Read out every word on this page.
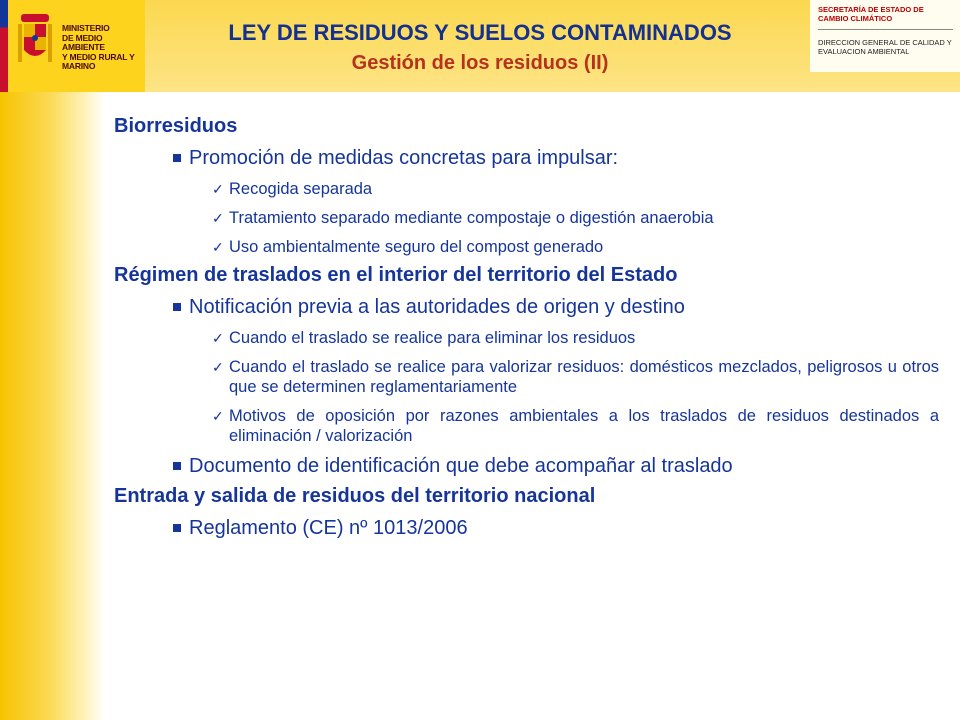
MINISTERIO
DE MEDIO AMBIENTE
Y MEDIO RURAL Y MARINO
LEY DE RESIDUOS Y SUELOS CONTAMINADOS
Gestión de los residuos (II)
SECRETARÍA DE ESTADO DE CAMBIO CLIMÁTICO
DIRECCION GENERAL DE CALIDAD Y EVALUACION AMBIENTAL
Biorresiduos
Promoción de medidas concretas para impulsar:
✓ Recogida separada
✓ Tratamiento separado mediante compostaje o digestión anaerobia
✓ Uso ambientalmente seguro del compost generado
Régimen de traslados en el interior del territorio del Estado
Notificación previa a las autoridades de origen y destino
✓ Cuando el traslado se realice para eliminar los residuos
✓ Cuando el traslado se realice para valorizar residuos: domésticos mezclados, peligrosos u otros que se determinen reglamentariamente
✓ Motivos de oposición por razones ambientales a los traslados de residuos destinados a eliminación / valorización
Documento de identificación que debe acompañar al traslado
Entrada y salida de residuos del territorio nacional
Reglamento (CE) nº 1013/2006
